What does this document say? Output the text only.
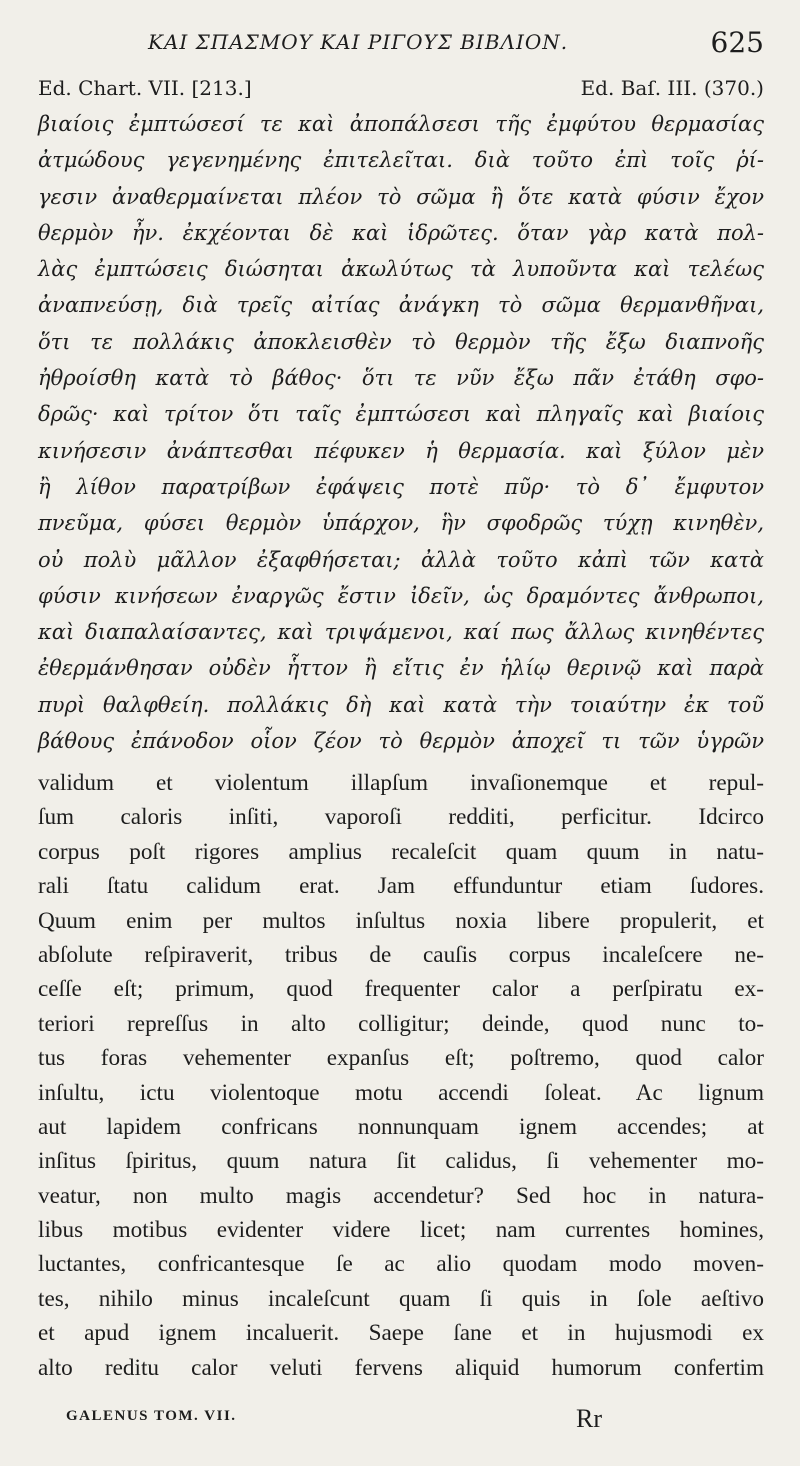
ΚΑΙ ΣΠΑΣΜΟΥ ΚΑΙ ΡΙΓΟΥΣ ΒΙΒΛΙΟΝ.	625
Ed. Chart. VII. [213.]	Ed. Baſ. III. (370.)
βιαίοις ἐμπτώσεσί τε καὶ ἀποπάλσεσι τῆς ἐμφύτου θερμασίας
ἀτμώδους γεγενημένης ἐπιτελεῖται. διὰ τοῦτο ἐπὶ τοῖς ῥί-
γεσιν ἀναθερμαίνεται πλέον τὸ σῶμα ἢ ὅτε κατὰ φύσιν ἔχον
θερμὸν ἦν. ἐκχέονται δὲ καὶ ἱδρῶτες. ὅταν γὰρ κατὰ πολ-
λὰς ἐμπτώσεις διώσηται ἀκωλύτως τὰ λυποῦντα καὶ τελέως
ἀναπνεύσῃ, διὰ τρεῖς αἰτίας ἀνάγκη τὸ σῶμα θερμανθῆναι,
ὅτι τε πολλάκις ἀποκλεισθὲν τὸ θερμὸν τῆς ἔξω διαπνοῆς
ἠθροίσθη κατὰ τὸ βάθος· ὅτι τε νῦν ἔξω πᾶν ἐτάθη σφο-
δρῶς· καὶ τρίτον ὅτι ταῖς ἐμπτώσεσι καὶ πληγαῖς καὶ βιαίοις
κινήσεσιν ἀνάπτεσθαι πέφυκεν ἡ θερμασία. καὶ ξύλον μὲν
ἢ λίθον παρατρίβων ἐφάψεις ποτὲ πῦρ· τὸ δ᾽ ἔμφυτον
πνεῦμα, φύσει θερμὸν ὑπάρχον, ἣν σφοδρῶς τύχῃ κινηθὲν,
οὐ πολὺ μᾶλλον ἐξαφθήσεται; ἀλλὰ τοῦτο κἀπὶ τῶν κατὰ
φύσιν κινήσεων ἐναργῶς ἔστιν ἰδεῖν, ὡς δραμόντες ἄνθρωποι,
καὶ διαπαλαίσαντες, καὶ τριψάμενοι, καί πως ἄλλως κινηθέντες
ἐθερμάνθησαν οὐδὲν ἧττον ἢ εἴτις ἐν ἡλίῳ θερινῷ καὶ παρὰ
πυρὶ θαλφθείη. πολλάκις δὴ καὶ κατὰ τὴν τοιαύτην ἐκ τοῦ
βάθους ἐπάνοδον οἷον ζέον τὸ θερμὸν ἀποχεῖ τι τῶν ὑγρῶν
validum et violentum illapſum invaſionemque et repul-
ſum caloris inſiti, vaporoſi redditi, perficitur. Idcirco
corpus poſt rigores amplius recaleſcit quam quum in natu-
rali ſtatu calidum erat. Jam effunduntur etiam ſudores.
Quum enim per multos inſultus noxia libere propulerit, et
abſolute reſpiraverit, tribus de cauſis corpus incaleſcere ne-
ceſſe eſt; primum, quod frequenter calor a perſpiratu ex-
teriori repreſſus in alto colligitur; deinde, quod nunc to-
tus foras vehementer expanſus eſt; poſtremo, quod calor
inſultu, ictu violentoque motu accendi ſoleat. Ac lignum
aut lapidem confricans nonnunquam ignem accendes; at
inſitus ſpiritus, quum natura ſit calidus, ſi vehementer mo-
veatur, non multo magis accendetur? Sed hoc in natura-
libus motibus evidenter videre licet; nam currentes homines,
luctantes, confricantesque ſe ac alio quodam modo moven-
tes, nihilo minus incaleſcunt quam ſi quis in ſole aeſtivo
et apud ignem incaluerit. Saepe ſane et in hujusmodi ex
alto reditu calor veluti fervens aliquid humorum confertim
GALENUS TOM. VII.	Rr
